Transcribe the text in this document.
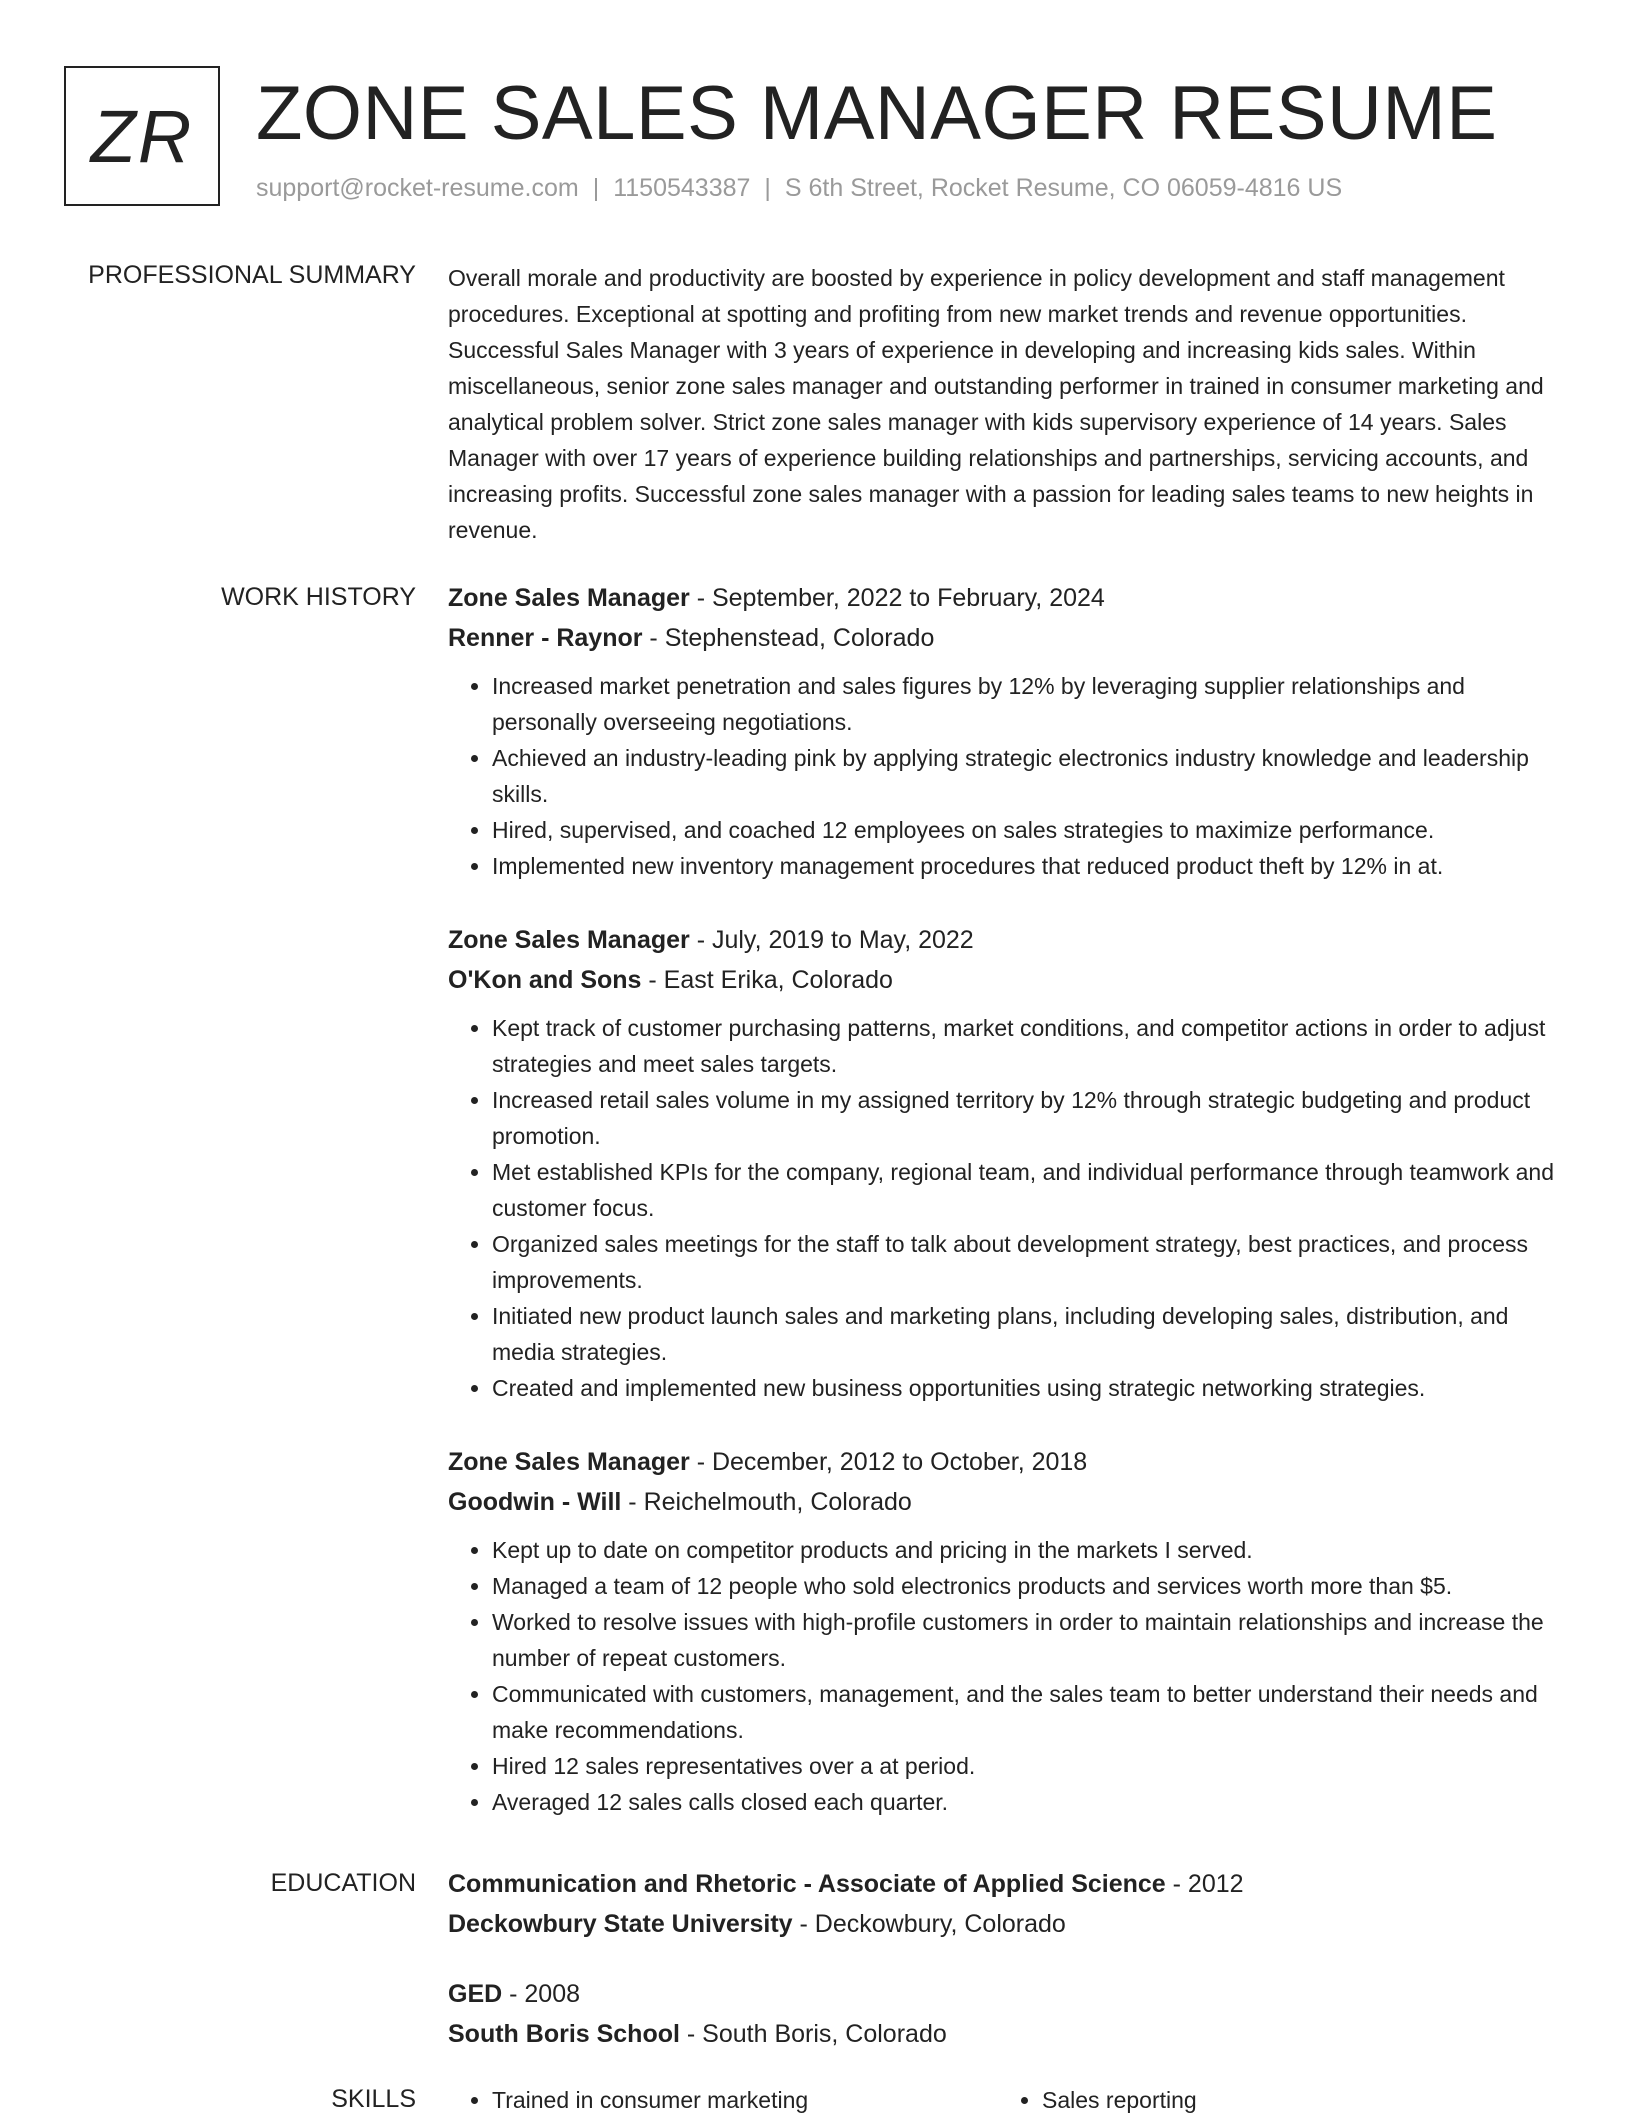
ZR ZONE SALES MANAGER RESUME
support@rocket-resume.com | 1150543387 | S 6th Street, Rocket Resume, CO 06059-4816 US
PROFESSIONAL SUMMARY Overall morale and productivity are boosted by experience in policy development and staff management procedures. Exceptional at spotting and profiting from new market trends and revenue opportunities. Successful Sales Manager with 3 years of experience in developing and increasing kids sales. Within miscellaneous, senior zone sales manager and outstanding performer in trained in consumer marketing and analytical problem solver. Strict zone sales manager with kids supervisory experience of 14 years. Sales Manager with over 17 years of experience building relationships and partnerships, servicing accounts, and increasing profits. Successful zone sales manager with a passion for leading sales teams to new heights in revenue.

WORK HISTORY Zone Sales Manager - September, 2022 to February, 2024
Renner - Raynor - Stephenstead, Colorado
• Increased market penetration and sales figures by 12% by leveraging supplier relationships and personally overseeing negotiations.
• Achieved an industry-leading pink by applying strategic electronics industry knowledge and leadership skills.
• Hired, supervised, and coached 12 employees on sales strategies to maximize performance.
• Implemented new inventory management procedures that reduced product theft by 12% in at.
Zone Sales Manager - July, 2019 to May, 2022
O'Kon and Sons - East Erika, Colorado
• Kept track of customer purchasing patterns, market conditions, and competitor actions in order to adjust strategies and meet sales targets.
• Increased retail sales volume in my assigned territory by 12% through strategic budgeting and product promotion.
• Met established KPIs for the company, regional team, and individual performance through teamwork and customer focus.
• Organized sales meetings for the staff to talk about development strategy, best practices, and process improvements.
• Initiated new product launch sales and marketing plans, including developing sales, distribution, and media strategies.
• Created and implemented new business opportunities using strategic networking strategies.
Zone Sales Manager - December, 2012 to October, 2018
Goodwin - Will - Reichelmouth, Colorado
• Kept up to date on competitor products and pricing in the markets I served.
• Managed a team of 12 people who sold electronics products and services worth more than $5.
• Worked to resolve issues with high-profile customers in order to maintain relationships and increase the number of repeat customers.
• Communicated with customers, management, and the sales team to better understand their needs and make recommendations.
• Hired 12 sales representatives over a at period.
• Averaged 12 sales calls closed each quarter.
EDUCATION Communication and Rhetoric - Associate of Applied Science - 2012
Deckowbury State University - Deckowbury, Colorado
GED - 2008
South Boris School - South Boris, Colorado
SKILLS	• Trained in consumer marketing	• Sales reporting
